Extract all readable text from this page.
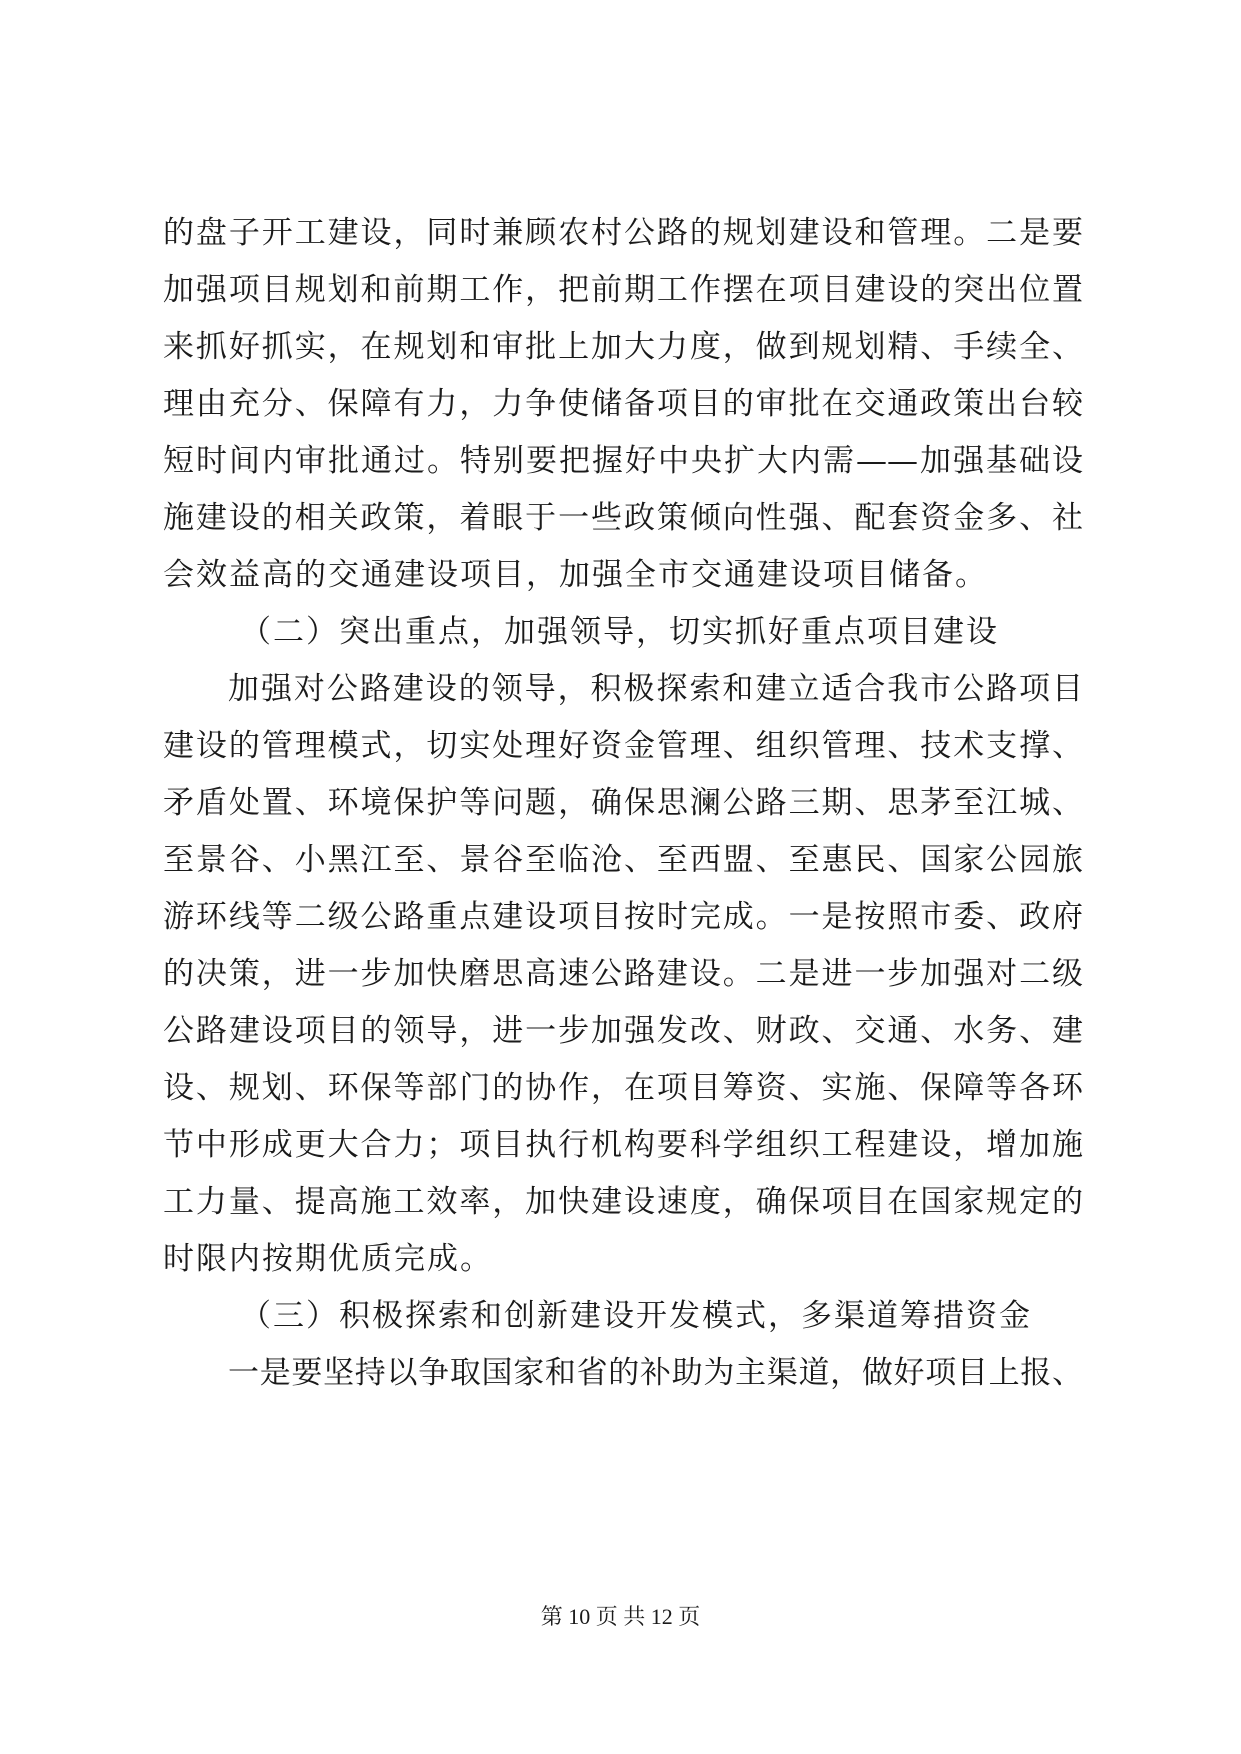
的盘子开工建设，同时兼顾农村公路的规划建设和管理。二是要
加强项目规划和前期工作，把前期工作摆在项目建设的突出位置
来抓好抓实，在规划和审批上加大力度，做到规划精、手续全、
理由充分、保障有力，力争使储备项目的审批在交通政策出台较
短时间内审批通过。特别要把握好中央扩大内需——加强基础设
施建设的相关政策，着眼于一些政策倾向性强、配套资金多、社
会效益高的交通建设项目，加强全市交通建设项目储备。
（二）突出重点，加强领导，切实抓好重点项目建设
加强对公路建设的领导，积极探索和建立适合我市公路项目
建设的管理模式，切实处理好资金管理、组织管理、技术支撑、
矛盾处置、环境保护等问题，确保思澜公路三期、思茅至江城、
至景谷、小黑江至、景谷至临沧、至西盟、至惠民、国家公园旅
游环线等二级公路重点建设项目按时完成。一是按照市委、政府
的决策，进一步加快磨思高速公路建设。二是进一步加强对二级
公路建设项目的领导，进一步加强发改、财政、交通、水务、建
设、规划、环保等部门的协作，在项目筹资、实施、保障等各环
节中形成更大合力；项目执行机构要科学组织工程建设，增加施
工力量、提高施工效率，加快建设速度，确保项目在国家规定的
时限内按期优质完成。
（三）积极探索和创新建设开发模式，多渠道筹措资金
一是要坚持以争取国家和省的补助为主渠道，做好项目上报、
第 10 页 共 12 页
